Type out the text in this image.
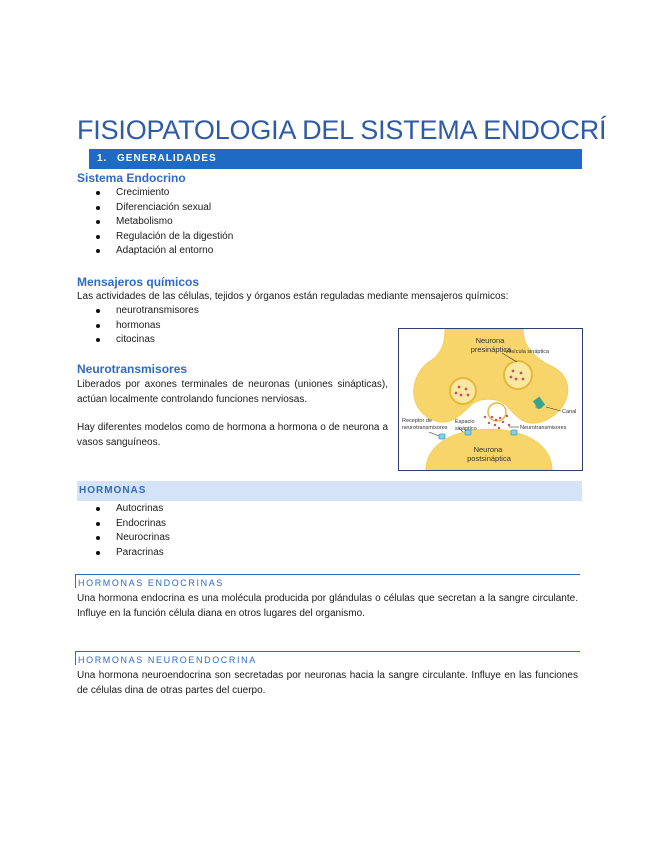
FISIOPATOLOGIA DEL SISTEMA ENDOCRÍ
1. GENERALIDADES
Sistema Endocrino
Crecimiento
Diferenciación sexual
Metabolismo
Regulación de la digestión
Adaptación al entorno
Mensajeros químicos

Las actividades de las células, tejidos y órganos están reguladas mediante mensajeros químicos:

neurotransmisores
hormonas
citocinas
Neurotransmisores

Liberados por axones terminales de neuronas (uniones sinápticas), actúan localmente controlando funciones nerviosas.

Hay diferentes modelos como de hormona a hormona o de neurona a vasos sanguíneos.

Neurona presináptica
Vesícula sináptica
Canal
Receptor de neurotransmisores
Espacio sináptico	Neurotransmisores
Neurona postsináptica
HORMONAS
Autocrinas
Endocrinas
Neurocrinas
Paracrinas
HORMONAS ENDOCRINAS

Una hormona endocrina es una molécula producida por glándulas o células que secretan a la sangre circulante. Influye en la función célula diana en otros lugares del organismo.

HORMONAS NEUROENDOCRINA

Una hormona neuroendocrina son secretadas por neuronas hacia la sangre circulante. Influye en las funciones de células dina de otras partes del cuerpo.
